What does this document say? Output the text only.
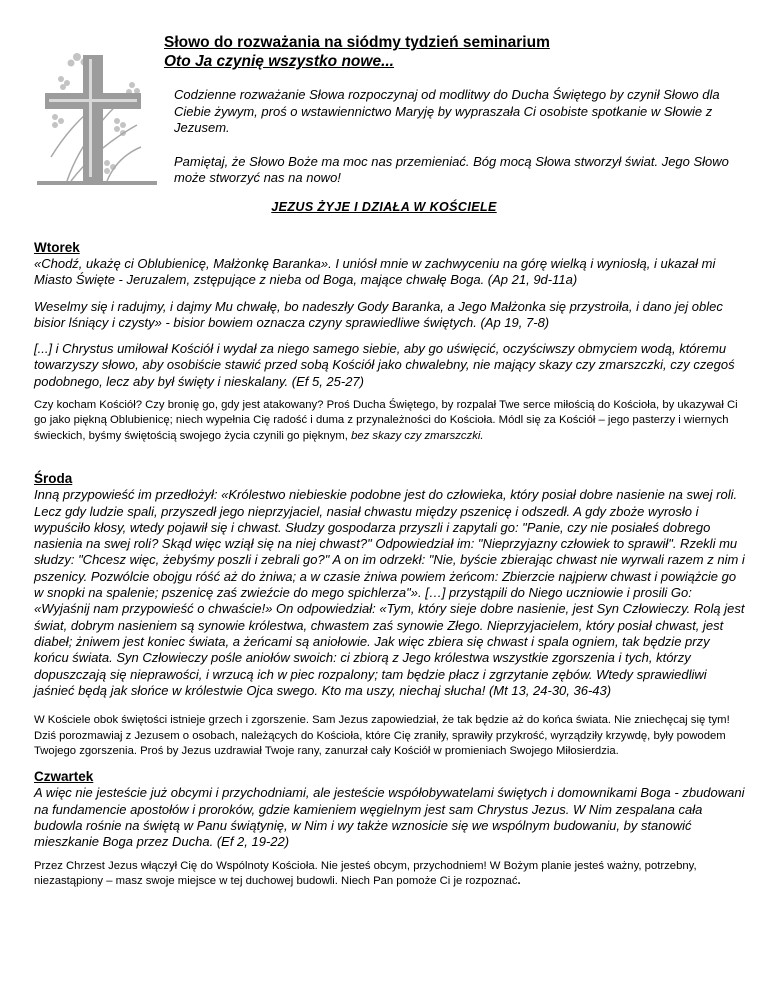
Słowo do rozważania na siódmy tydzień seminarium

Oto Ja czynię wszystko nowe...

Codzienne rozważanie Słowa rozpoczynaj od modlitwy do Ducha Świętego by czynił Słowo dla Ciebie żywym, proś o wstawiennictwo Maryję by wypraszała Ci osobiste spotkanie w Słowie z Jezusem.

Pamiętaj, że Słowo Boże ma moc nas przemieniać. Bóg mocą Słowa stworzył świat. Jego Słowo może stworzyć nas na nowo!

JEZUS ŻYJE I DZIAŁA W KOŚCIELE

Wtorek

«Chodź, ukażę ci Oblubienicę, Małżonkę Baranka». I uniósł mnie w zachwyceniu na górę wielką i wyniosłą, i ukazał mi Miasto Święte - Jeruzalem, zstępujące z nieba od Boga, mające chwałę Boga. (Ap 21, 9d-11a)

Weselmy się i radujmy, i dajmy Mu chwałę, bo nadeszły Gody Baranka, a Jego Małżonka się przystroiła, i dano jej oblec bisior lśniący i czysty» - bisior bowiem oznacza czyny sprawiedliwe świętych. (Ap 19, 7-8)

[...] i Chrystus umiłował Kościół i wydał za niego samego siebie, aby go uświęcić, oczyściwszy obmyciem wodą, któremu towarzyszy słowo, aby osobiście stawić przed sobą Kościół jako chwalebny, nie mający skazy czy zmarszczki, czy czegoś podobnego, lecz aby był święty i nieskalany. (Ef 5, 25-27)

Czy kocham Kościół? Czy bronię go, gdy jest atakowany? Proś Ducha Świętego, by rozpalał Twe serce miłością do Kościoła, by ukazywał Ci go jako piękną Oblubienicę; niech wypełnia Cię radość i duma z przynależności do Kościoła. Módl się za Kościół – jego pasterzy i wiernych świeckich, byśmy świętością swojego życia czynili go pięknym, bez skazy czy zmarszczki.

Środa

Inną przypowieść im przedłożył: «Królestwo niebieskie podobne jest do człowieka, który posiał dobre nasienie na swej roli. Lecz gdy ludzie spali, przyszedł jego nieprzyjaciel, nasiał chwastu między pszenicę i odszedł. A gdy zboże wyrosło i wypuściło kłosy, wtedy pojawił się i chwast. Słudzy gospodarza przyszli i zapytali go: "Panie, czy nie posiałeś dobrego nasienia na swej roli? Skąd więc wziął się na niej chwast?" Odpowiedział im: "Nieprzyjazny człowiek to sprawił". Rzekli mu słudzy: "Chcesz więc, żebyśmy poszli i zebrali go?" A on im odrzekł: "Nie, byście zbierając chwast nie wyrwali razem z nim i pszenicy. Pozwólcie obojgu róść aż do żniwa; a w czasie żniwa powiem żeńcom: Zbierzcie najpierw chwast i powiążcie go w snopki na spalenie; pszenicę zaś zwieźcie do mego spichlerza"». […] przystąpili do Niego uczniowie i prosili Go: «Wyjaśnij nam przypowieść o chwaście!» On odpowiedział: «Tym, który sieje dobre nasienie, jest Syn Człowieczy. Rolą jest świat, dobrym nasieniem są synowie królestwa, chwastem zaś synowie Złego. Nieprzyjacielem, który posiał chwast, jest diabeł; żniwem jest koniec świata, a żeńcami są aniołowie. Jak więc zbiera się chwast i spala ogniem, tak będzie przy końcu świata. Syn Człowieczy pośle aniołów swoich: ci zbiorą z Jego królestwa wszystkie zgorszenia i tych, którzy dopuszczają się nieprawości, i wrzucą ich w piec rozpalony; tam będzie płacz i zgrzytanie zębów. Wtedy sprawiedliwi jaśnieć będą jak słońce w królestwie Ojca swego. Kto ma uszy, niechaj słucha! (Mt 13, 24-30, 36-43)

W Kościele obok świętości istnieje grzech i zgorszenie. Sam Jezus zapowiedział, że tak będzie aż do końca świata. Nie zniechęcaj się tym! Dziś porozmawiaj z Jezusem o osobach, należących do Kościoła, które Cię zraniły, sprawiły przykrość, wyrządziły krzywdę, były powodem Twojego zgorszenia. Proś by Jezus uzdrawiał Twoje rany, zanurzał cały Kościół w promieniach Swojego Miłosierdzia.

Czwartek

A więc nie jesteście już obcymi i przychodniami, ale jesteście współobywatelami świętych i domownikami Boga - zbudowani na fundamencie apostołów i proroków, gdzie kamieniem węgielnym jest sam Chrystus Jezus. W Nim zespalana cała budowla rośnie na świętą w Panu świątynię, w Nim i wy także wznosicie się we wspólnym budowaniu, by stanowić mieszkanie Boga przez Ducha. (Ef 2, 19-22)

Przez Chrzest Jezus włączył Cię do Wspólnoty Kościoła. Nie jesteś obcym, przychodniem! W Bożym planie jesteś ważny, potrzebny, niezastąpiony – masz swoje miejsce w tej duchowej budowli. Niech Pan pomoże Ci je rozpoznać.
